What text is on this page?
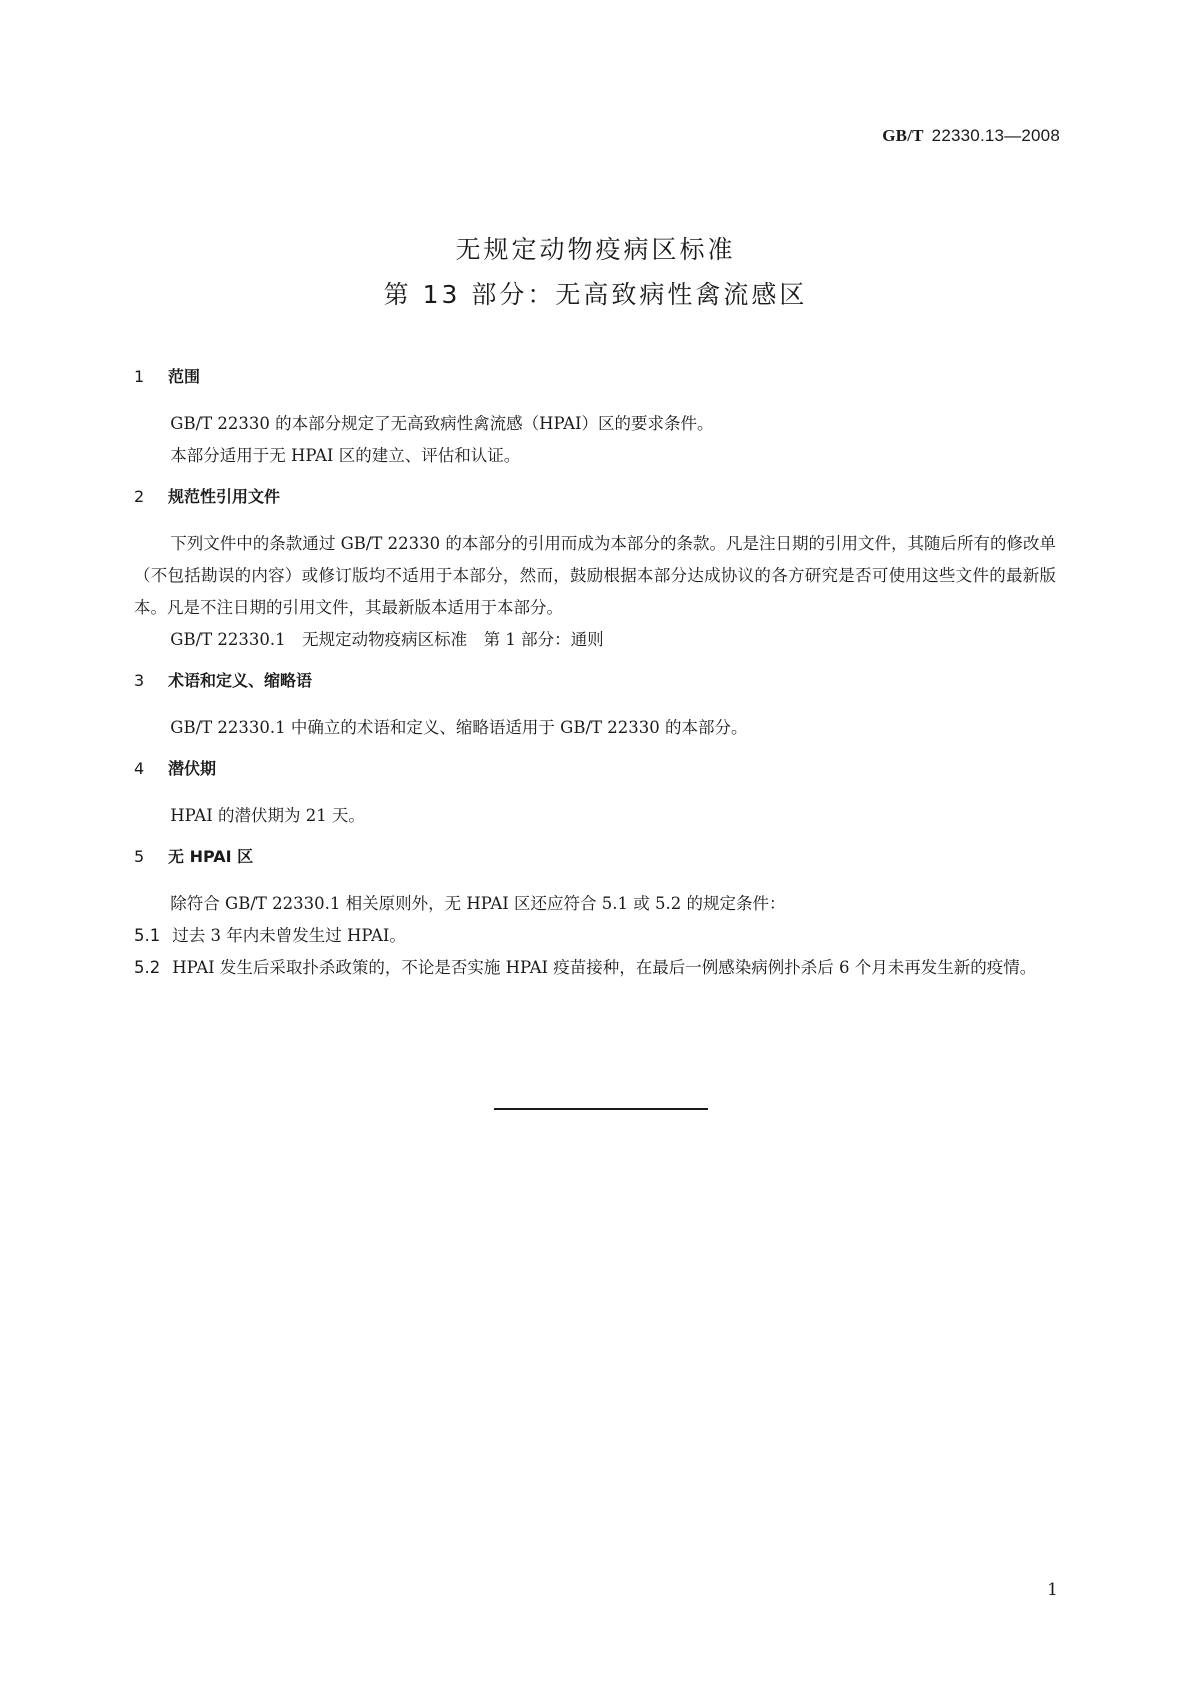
GB/T 22330.13—2008
无规定动物疫病区标准
第 13 部分：无高致病性禽流感区
1 范围

GB/T 22330 的本部分规定了无高致病性禽流感（HPAI）区的要求条件。

本部分适用于无 HPAI 区的建立、评估和认证。

2 规范性引用文件

下列文件中的条款通过 GB/T 22330 的本部分的引用而成为本部分的条款。凡是注日期的引用文件，其随后所有的修改单（不包括勘误的内容）或修订版均不适用于本部分，然而，鼓励根据本部分达成协议的各方研究是否可使用这些文件的最新版本。凡是不注日期的引用文件，其最新版本适用于本部分。

GB/T 22330.1　无规定动物疫病区标准　第 1 部分：通则

3 术语和定义、缩略语

GB/T 22330.1 中确立的术语和定义、缩略语适用于 GB/T 22330 的本部分。

4 潜伏期

HPAI 的潜伏期为 21 天。

5 无 HPAI 区

除符合 GB/T 22330.1 相关原则外，无 HPAI 区还应符合 5.1 或 5.2 的规定条件：

5.1 过去 3 年内未曾发生过 HPAI。

5.2 HPAI 发生后采取扑杀政策的，不论是否实施 HPAI 疫苗接种，在最后一例感染病例扑杀后 6 个月未再发生新的疫情。

1
